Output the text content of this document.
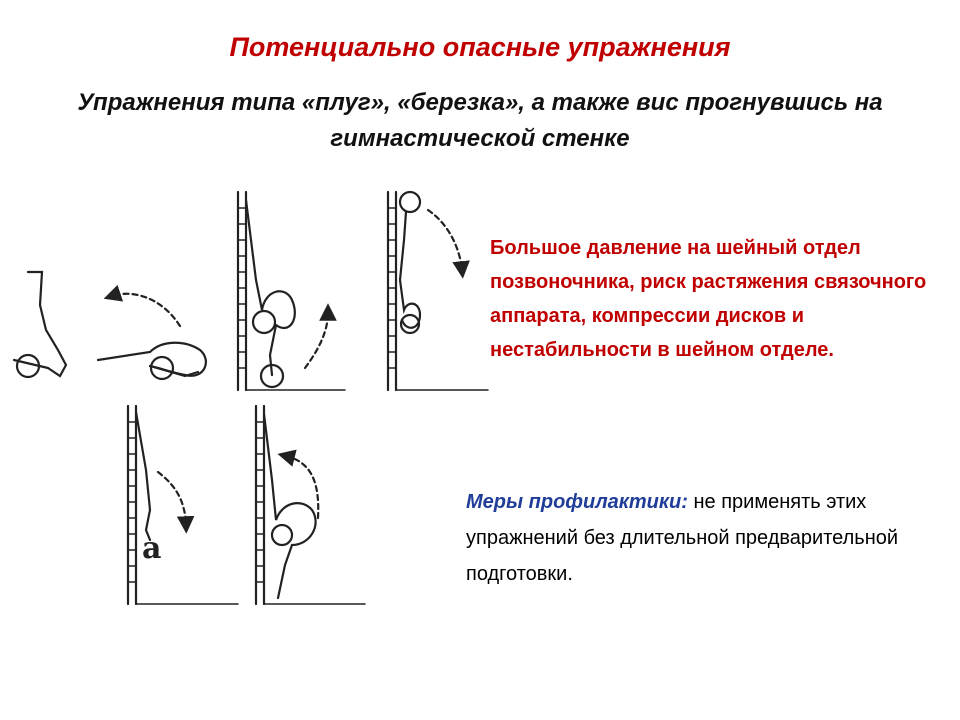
Потенциально опасные упражнения
Упражнения типа «плуг», «березка», а также вис прогнувшись на гимнастической стенке
а
Большое давление на шейный отдел позвоночника, риск растяжения связочного аппарата, компрессии дисков и нестабильности в шейном отделе.
Меры профилактики: не применять этих упражнений без длительной предварительной подготовки.
